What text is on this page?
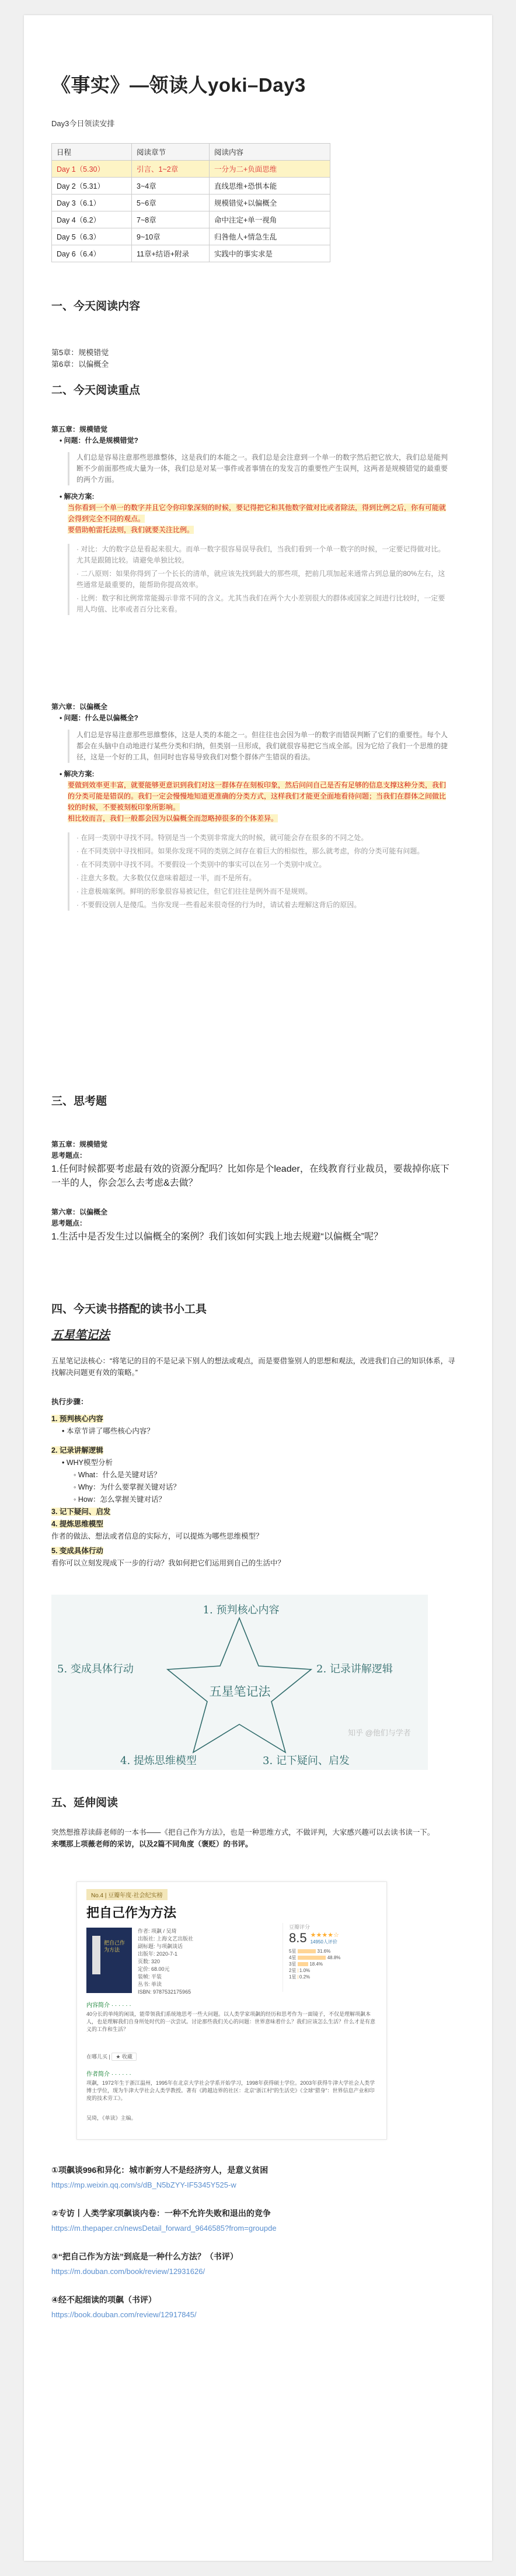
《事实》—领读人yoki–Day3
Day3今日领读安排
日程	阅读章节	阅读内容
Day 1（5.30）	引言、1~2章	一分为二+负面思维
Day 2（5.31）	3~4章	直线思维+恐惧本能
Day 3（6.1）	5~6章	规模错觉+以偏概全
Day 4（6.2）	7~8章	命中注定+单一视角
Day 5（6.3）	9~10章	归咎他人+情急生乱
Day 6（6.4）	11章+结语+附录	实践中的事实求是
一、今天阅读内容
第5章：规模错觉
第6章：以偏概全
二、今天阅读重点
第五章：规模错觉
• 问题：什么是规模错觉?
人们总是容易注意那些思維整体，这是我们的本能之一。我们总是会注意到一个单一的数字然后把它放大，我们总是能判断不少前面那些成大量为一体，我们总是对某一事件或者事情在的发发言的重要性产生误判，这两者是规模错觉的最重要的两个方面。
• 解决方案:
当你看到一个单一的数字并且它令你印象深刻的时候，要记得把它和其他数字做对比或者除法，得到比例之后，你有可能就会得到完全不同的观点。
要借助帕雷托法则，我们就要关注比例。
· 对比：大的数字总是看起来很大。而单一数字很容易误导我们，当我们看到一个单一数字的时候，一定要记得做对比。尤其是跟随比较。请避免单独比较。
· 二八原则：如果你得到了一个长长的清单，就应该先找到最大的那些项，把前几项加起来通常占到总量的80%左右，这些通常是最重要的，能帮助你提高效率。
· 比例：数字和比例常常能揭示非常不同的含义。尤其当我们在两个大小差别很大的群体或国家之间进行比较时，一定要用人均值、比率或者百分比来看。
第六章：以偏概全
• 问题：什么是以偏概全?
人们总是容易注意那些思維整体，这是人类的本能之一。但往往也会因为单一的数字而错误判断了它们的重要性。每个人都会在头脑中自动地进行某些分类和归纳，但类别一旦形成，我们就很容易把它当成全部。因为它给了我们一个思维的捷径，这是一个好的工具，但同时也容易导致我们对整个群体产生错误的看法。
• 解决方案:
要做到效率更丰富，就要能够更意识到我们对这一群体存在刻板印象，然后问问自己是否有足够的信息支撑这种分类，我们的分类可能是错误的。我们一定会慢慢地知道更准确的分类方式，这样我们才能更全面地看待问题；当我们在群体之间做比较的时候，不要被刻板印象所影响。
相比较而言，我们一般都会因为以偏概全而忽略掉很多的个体差异。
· 在同一类别中寻找不同。特别是当一个类别非常庞大的时候，就可能会存在很多的不同之处。
· 在不同类别中寻找相同。如果你发现不同的类别之间存在着巨大的相似性，那么就考虑，你的分类可能有问题。
· 在不同类别中寻找不同。不要假设一个类别中的事实可以在另一个类别中成立。
· 注意大多数。大多数仅仅意味着超过一半，而不是所有。
· 注意极端案例。鲜明的形象很容易被记住，但它们往往是例外而不是规则。
· 不要假设别人是傻瓜。当你发现一些看起来很奇怪的行为时，请试着去理解这背后的原因。
三、思考题
第五章：规模错觉
思考题点：
1.任何时候都要考虑最有效的资源分配吗？比如你是个leader，在线教育行业裁员，要裁掉你底下一半的人，你会怎么去考虑&去做？
第六章：以偏概全
思考题点：
1.生活中是否发生过以偏概全的案例？我们该如何实践上地去规避“以偏概全”呢？
四、今天读书搭配的读书小工具
五星笔记法
五星笔记法核心：“将笔记的目的不是记录下别人的想法或观点，而是要借鉴别人的思想和观法，改进我们自己的知识体系，寻找解决问题更有效的策略。”
执行步骤：
1. 预判核心内容
• 本章节讲了哪些核心内容？
2. 记录讲解逻辑
• WHY模型分析
◦ What：什么是关键对话？
◦ Why：为什么要掌握关键对话？
◦ How：怎么掌握关键对话？
3. 记下疑问、启发
4. 提炼思维模型
作者的做法、想法或者信息的实际方，可以提炼为哪些思维模型？
5. 变成具体行动
看你可以立刻发现成下一步的行动？我如何把它们运用到自己的生活中？
五星笔记法
1. 预判核心内容
2. 记录讲解逻辑
3. 记下疑问、启发
4. 提炼思维模型
5. 变成具体行动
知乎 @他们与学者
五、延伸阅读
突然想推荐读薛老师的一本书——《把自己作为方法》，也是一种思维方式，不做评判，大家感兴趣可以去读书读一下。
来嘿那上项薇老师的采访，以及2篇不同角度（褒贬）的书评。
No.4 | 豆瓣年度·社会纪实榜
把自己作为方法
把自己作为方法
作者: 项飙 / 吴琦
出版社: 上海文艺出版社
副标题: 与项飙谈话
出版年: 2020-7-1
页数: 320
定价: 68.00元
装帧: 平装
丛书: 单读
ISBN: 9787532175965
豆瓣评分
8.5 ★★★★☆
14950人评价
5星	31.6%
4星	48.8%
3星	18.4%
2星 1.0%
1星 0.2%
内容简介 · · · · · ·
40分长的单纯的闲谈，能带领我们系统地思考一些大问题。以人类学家项飙的经历和思考作为一面镜子，不仅是理解项飙本人，也是理解我们自身所处时代的一次尝试。讨论那些我们关心的问题：世界意味着什么？我们应该怎么生活？什么才是有意义的工作和生活？
在哪儿买 | ★ 收藏
作者简介 · · · · · ·
项飙，1972年生于浙江温州，1995年在北京大学社会学系开始学习，1998年获得硕士学位。2003年获得牛津大学社会人类学博士学位，现为牛津大学社会人类学教授。著有《跨越边界的社区：北京“浙江村”的生活史》《全球“猎身”：世界信息产业和印度的技术劳工》。
吴琦，《单读》主编。
①项飙谈996和异化：城市新穷人不是经济穷人，是意义贫困
https://mp.weixin.qq.com/s/dB_N5bZYY-IF5345Y525-w
②专访丨人类学家项飙谈内卷：一种不允许失败和退出的竞争
https://m.thepaper.cn/newsDetail_forward_9646585?from=groupde
③“把自己作为方法”到底是一种什么方法？（书评）
https://m.douban.com/book/review/12931626/
④经不起细读的项飙（书评）
https://book.douban.com/review/12917845/
